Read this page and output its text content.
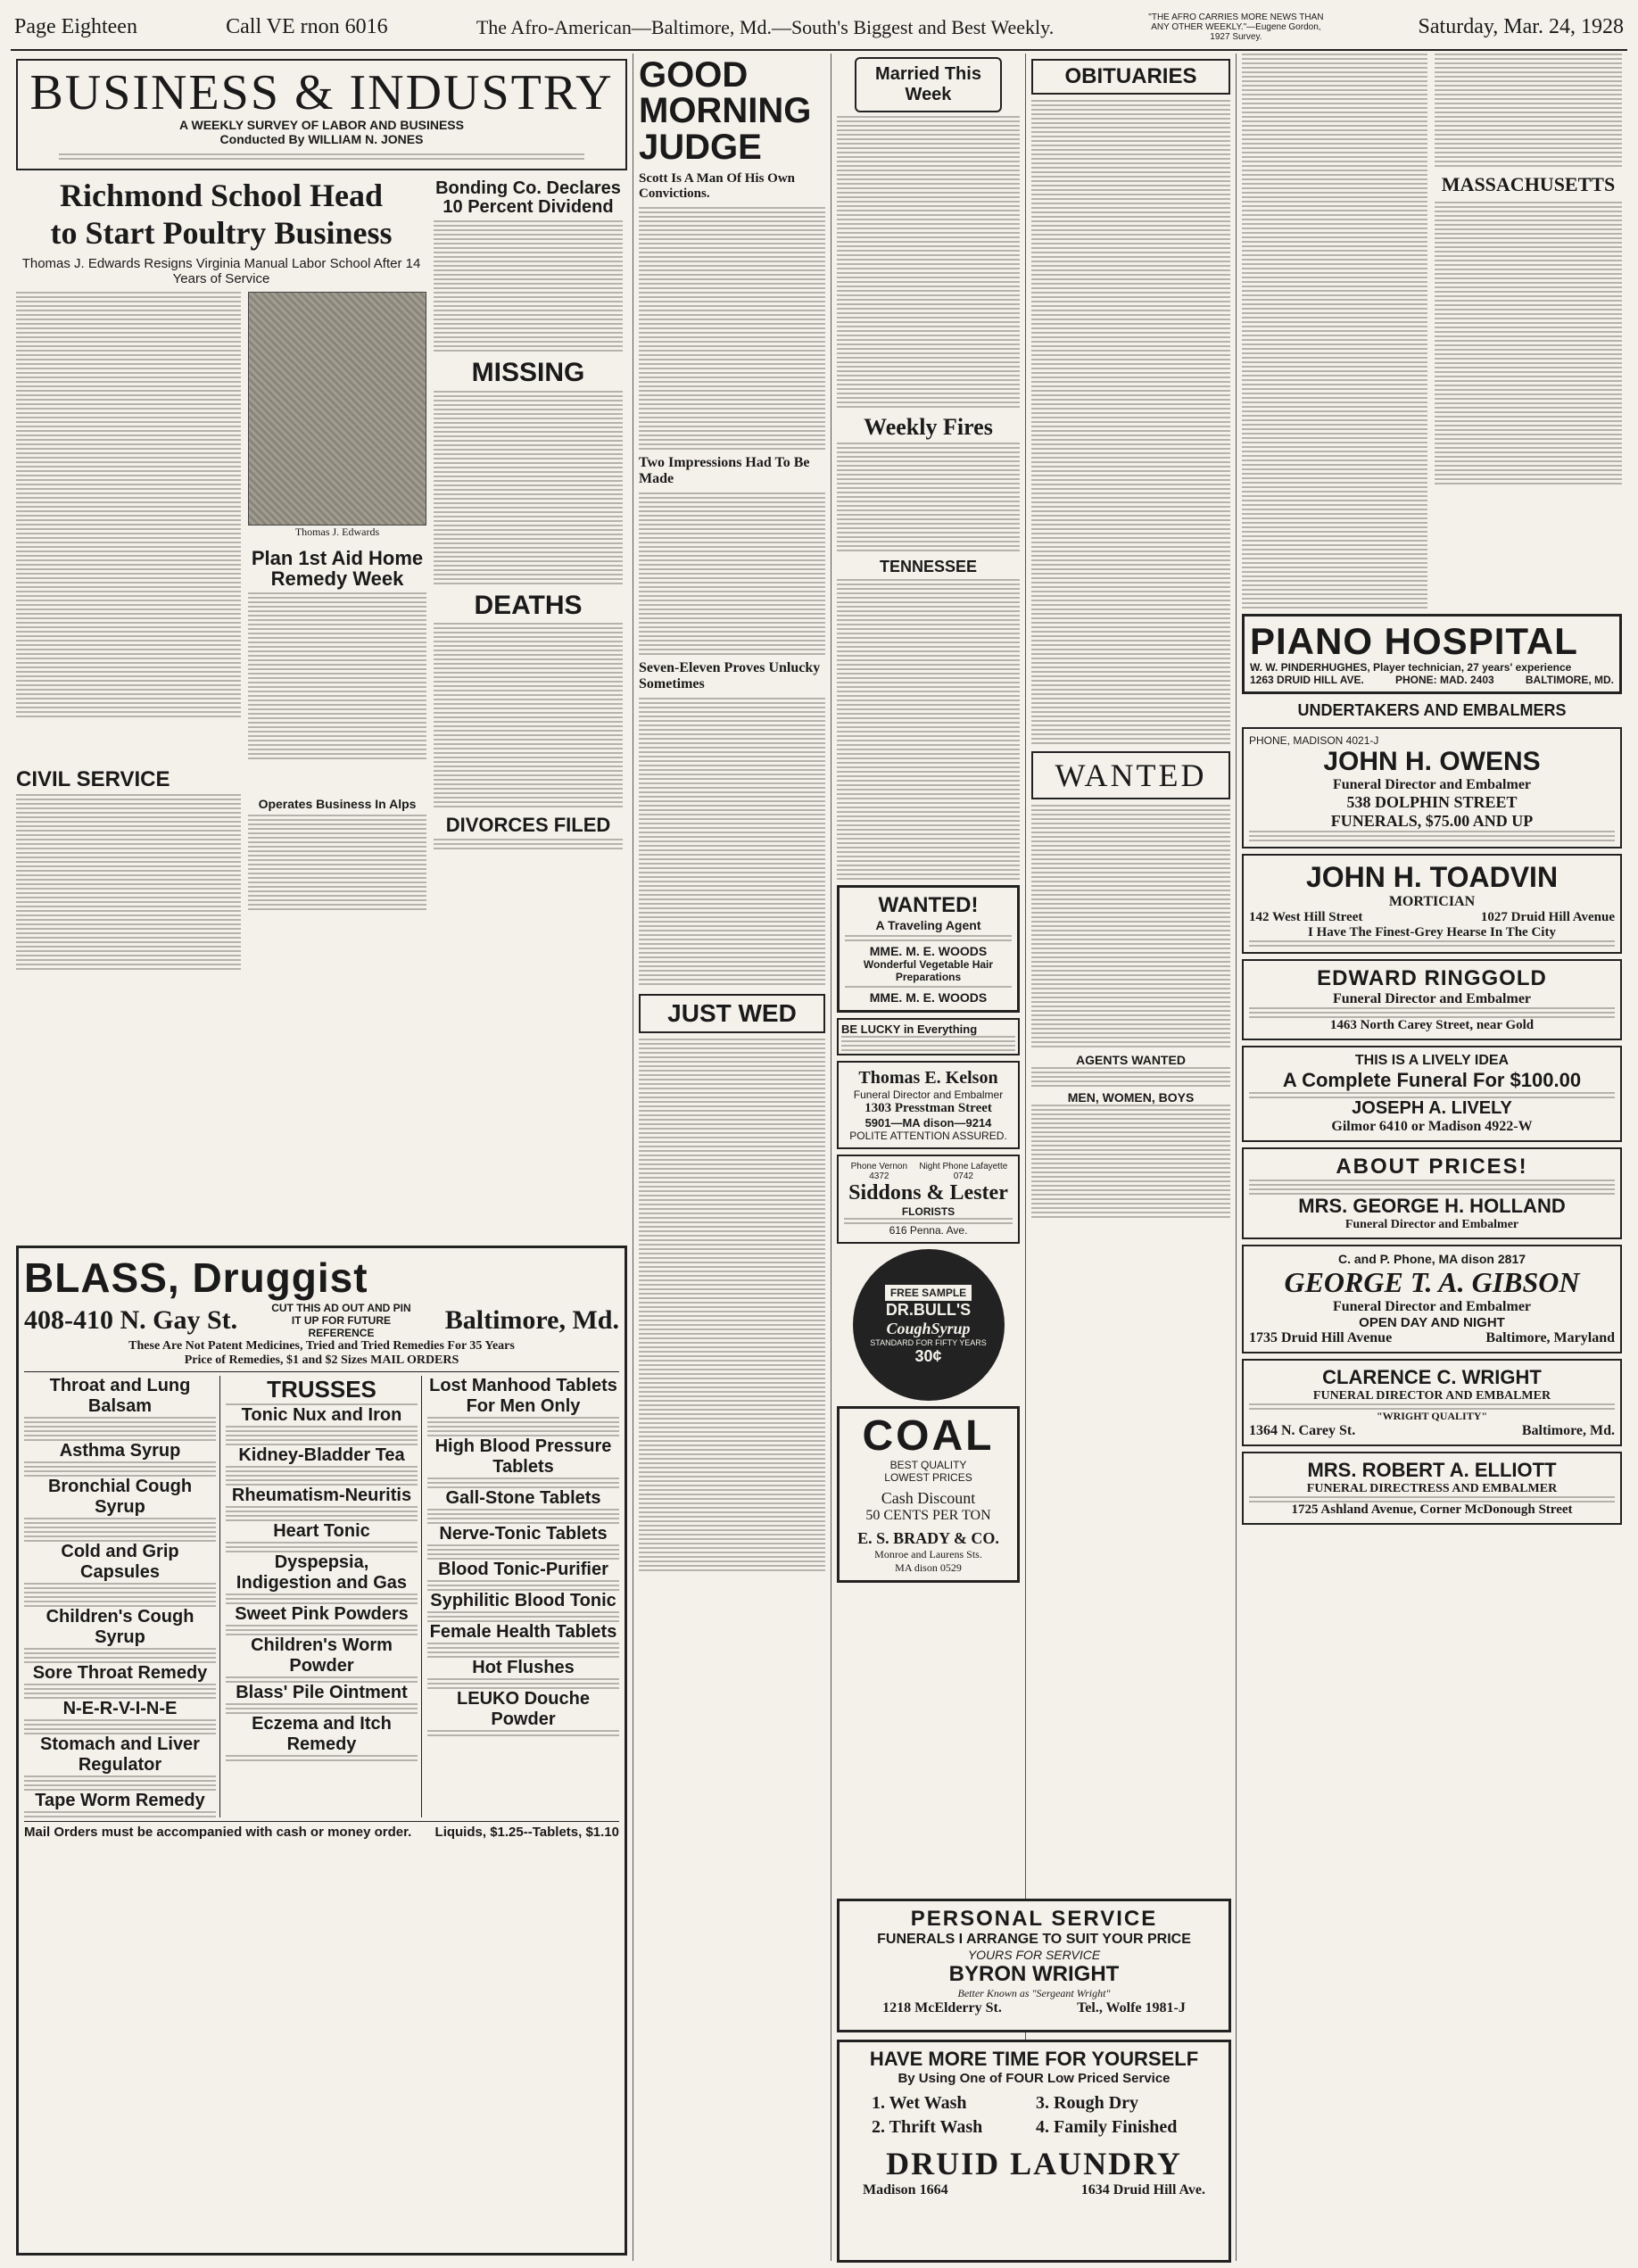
Page Eighteen	Call VE rnon 6016	The Afro-American—Baltimore, Md.—South's Biggest and Best Weekly.	"THE AFRO CARRIES MORE NEWS THAN ANY OTHER WEEKLY."—Eugene Gordon, 1927 Survey.	Saturday, Mar. 24, 1928
BUSINESS & INDUSTRY
A WEEKLY SURVEY OF LABOR AND BUSINESS
Conducted By WILLIAM N. JONES
Richmond School Head
to Start Poultry Business
Thomas J. Edwards Resigns Virginia Manual Labor School After 14 Years of Service
Thomas J. Edwards
Plan 1st Aid Home Remedy Week
CIVIL SERVICE
Operates Business In Alps
Bonding Co. Declares 10 Percent Dividend
MISSING
DEATHS
DIVORCES FILED
BLASS, Druggist
408-410 N. Gay St.	CUT THIS AD OUT AND PIN IT UP FOR FUTURE REFERENCE	Baltimore, Md.
These Are Not Patent Medicines, Tried and Tried Remedies For 35 Years
Price of Remedies, $1 and $2 Sizes MAIL ORDERS
Throat and Lung Balsam
Asthma Syrup
Bronchial Cough Syrup
Cold and Grip Capsules
Children's Cough Syrup
Sore Throat Remedy
N-E-R-V-I-N-E
Stomach and Liver Regulator
Tape Worm Remedy
TRUSSES
Tonic Nux and Iron
Kidney-Bladder Tea
Rheumatism-Neuritis
Heart Tonic
Dyspepsia, Indigestion and Gas
Sweet Pink Powders
Children's Worm Powder
Blass' Pile Ointment
Eczema and Itch Remedy
Lost Manhood Tablets For Men Only
High Blood Pressure Tablets
Gall-Stone Tablets
Nerve-Tonic Tablets
Blood Tonic-Purifier
Syphilitic Blood Tonic
Female Health Tablets
Hot Flushes
LEUKO Douche Powder
Mail Orders must be accompanied with cash or money order. Liquids, $1.25--Tablets, $1.10
GOOD
MORNING
JUDGE
Scott Is A Man Of His Own Convictions.
Two Impressions Had To Be Made
Seven-Eleven Proves Unlucky Sometimes
JUST WED
Married This Week
Weekly Fires
TENNESSEE
WANTED!
A Traveling Agent
MME. M. E. WOODS
Wonderful Vegetable Hair Preparations
MME. M. E. WOODS
BE LUCKY in Everything
Thomas E. Kelson
Funeral Director and Embalmer
1303 Presstman Street
5901—MA dison—9214
POLITE ATTENTION ASSURED.
Phone Vernon 4372
Night Phone Lafayette 0742
Siddons & Lester
FLORISTS
616 Penna. Ave.
FREE SAMPLE
DR.BULL'S
CoughSyrup
STANDARD FOR FIFTY YEARS
30¢
COAL
BEST QUALITY
LOWEST PRICES
Cash Discount
50 CENTS PER TON
E. S. BRADY & CO.
Monroe and Laurens Sts.
MA dison 0529
OBITUARIES
WANTED
AGENTS WANTED
MEN, WOMEN, BOYS
PERSONAL SERVICE
FUNERALS I ARRANGE TO SUIT YOUR PRICE
YOURS FOR SERVICE
BYRON WRIGHT
Better Known as "Sergeant Wright"
1218 McElderry St.	Tel., Wolfe 1981-J
HAVE MORE TIME FOR YOURSELF
By Using One of FOUR Low Priced Service
1. Wet Wash	3. Rough Dry
2. Thrift Wash	4. Family Finished
DRUID LAUNDRY
Madison 1664	1634 Druid Hill Ave.
MASSACHUSETTS
PIANO HOSPITAL
W. W. PINDERHUGHES, Player technician, 27 years' experience
1263 DRUID HILL AVE.	PHONE: MAD. 2403	BALTIMORE, MD.
UNDERTAKERS AND EMBALMERS
PHONE, MADISON 4021-J
JOHN H. OWENS
Funeral Director and Embalmer
538 DOLPHIN STREET
FUNERALS, $75.00 AND UP
JOHN H. TOADVIN
MORTICIAN
142 West Hill Street	1027 Druid Hill Avenue
I Have The Finest-Grey Hearse In The City
EDWARD RINGGOLD
Funeral Director and Embalmer
1463 North Carey Street, near Gold
THIS IS A LIVELY IDEA
A Complete Funeral For $100.00
JOSEPH A. LIVELY
Gilmor 6410 or Madison 4922-W
ABOUT PRICES!
MRS. GEORGE H. HOLLAND
Funeral Director and Embalmer
C. and P. Phone, MA dison 2817
GEORGE T. A. GIBSON
Funeral Director and Embalmer
OPEN DAY AND NIGHT
1735 Druid Hill Avenue	Baltimore, Maryland
CLARENCE C. WRIGHT
FUNERAL DIRECTOR AND EMBALMER
"WRIGHT QUALITY"
1364 N. Carey St.	Baltimore, Md.
MRS. ROBERT A. ELLIOTT
FUNERAL DIRECTRESS AND EMBALMER
1725 Ashland Avenue, Corner McDonough Street
